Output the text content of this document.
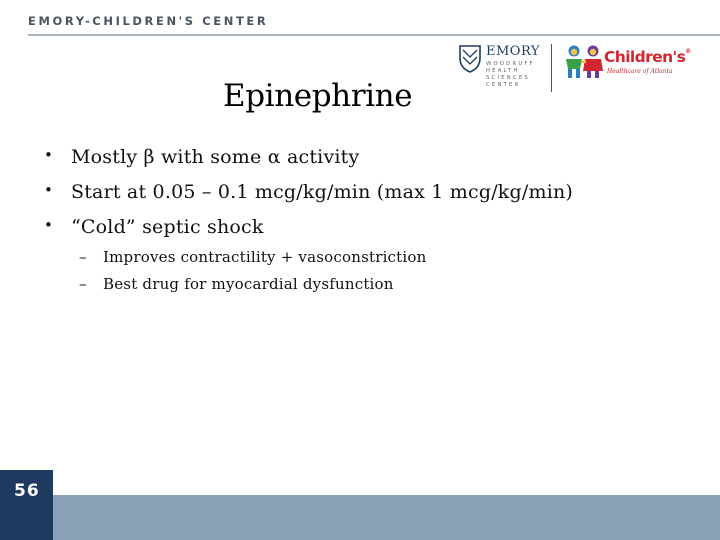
EMORY-CHILDREN'S CENTER
EMORY
WOODRUFF
HEALTH
SCIENCES
CENTER
Children's®
Healthcare of Atlanta
Epinephrine
• Mostly β with some α activity
• Start at 0.05 – 0.1 mcg/kg/min (max 1 mcg/kg/min)
• “Cold” septic shock
– Improves contractility + vasoconstriction
– Best drug for myocardial dysfunction
56
